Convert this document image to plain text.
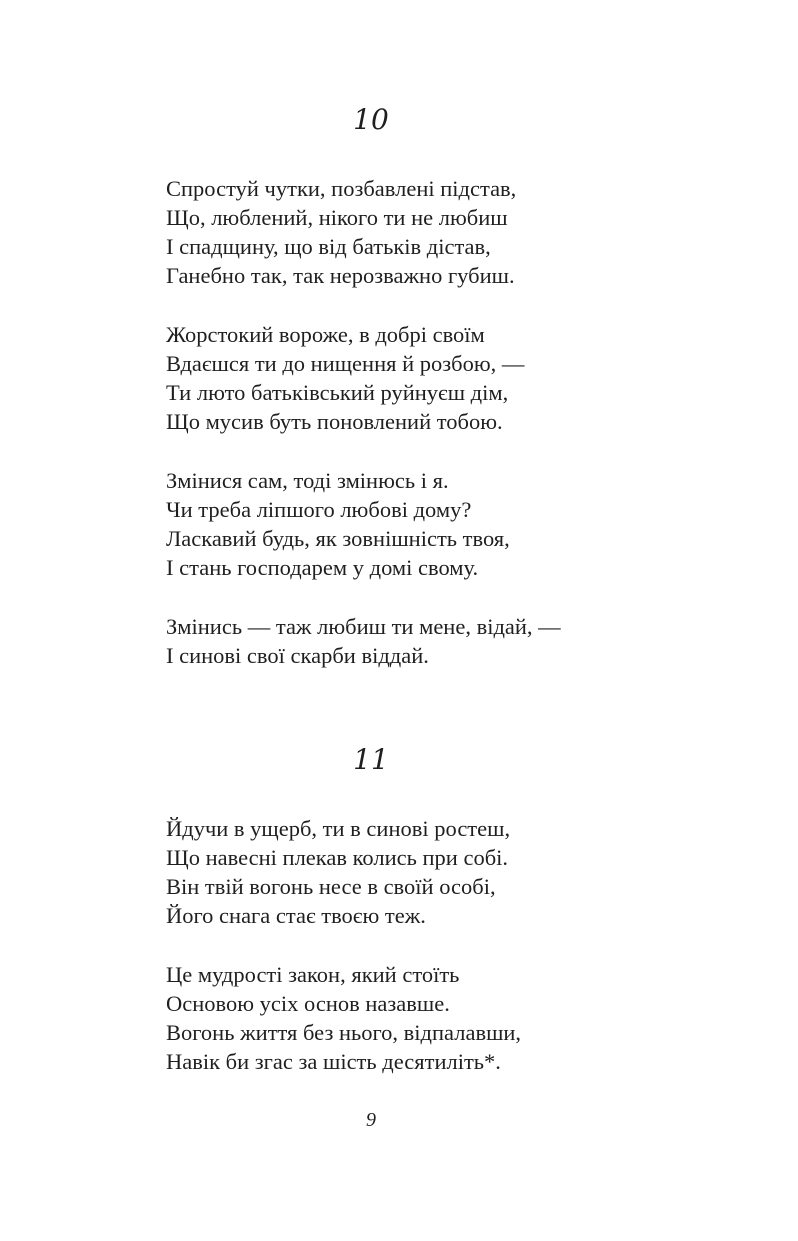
10
Спростуй чутки, позбавлені підстав,
Що, люблений, нікого ти не любиш
І спадщину, що від батьків дістав,
Ганебно так, так нерозважно губиш.
Жорстокий вороже, в добрі своїм
Вдаєшся ти до нищення й розбою, —
Ти люто батьківський руйнуєш дім,
Що мусив буть поновлений тобою.
Змінися сам, тоді змінюсь і я.
Чи треба ліпшого любові дому?
Ласкавий будь, як зовнішність твоя,
І стань господарем у домі свому.
Змінись — таж любиш ти мене, відай, —
І синові свої скарби віддай.
11
Йдучи в ущерб, ти в синові ростеш,
Що навесні плекав колись при собі.
Він твій вогонь несе в своїй особі,
Його снага стає твоєю теж.
Це мудрості закон, який стоїть
Основою усіх основ назавше.
Вогонь життя без нього, відпалавши,
Навік би згас за шість десятиліть*.
9
